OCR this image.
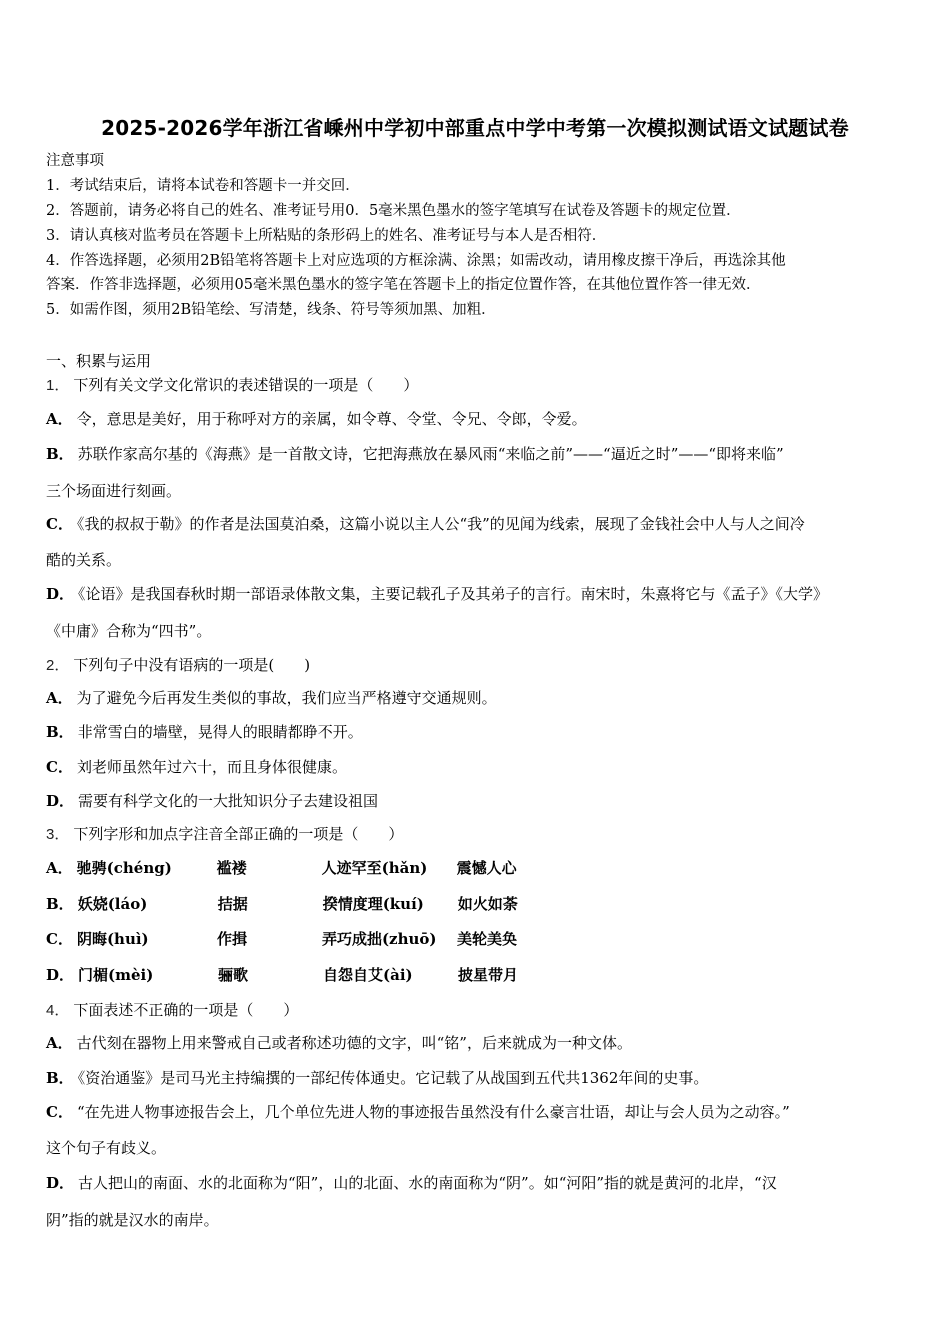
2025-2026学年浙江省嵊州中学初中部重点中学中考第一次模拟测试语文试题试卷
注意事项
1．考试结束后，请将本试卷和答题卡一并交回．
2．答题前，请务必将自己的姓名、准考证号用0．5毫米黑色墨水的签字笔填写在试卷及答题卡的规定位置．
3．请认真核对监考员在答题卡上所粘贴的条形码上的姓名、准考证号与本人是否相符．
4．作答选择题，必须用2B铅笔将答题卡上对应选项的方框涂满、涂黑；如需改动，请用橡皮擦干净后，再选涂其他
答案．作答非选择题，必须用05毫米黑色墨水的签字笔在答题卡上的指定位置作答，在其他位置作答一律无效．
5．如需作图，须用2B铅笔绘、写清楚，线条、符号等须加黑、加粗．
一、积累与运用
1． 下列有关文学文化常识的表述错误的一项是（　　）
A． 令，意思是美好，用于称呼对方的亲属，如令尊、令堂、令兄、令郎，令爱。
B． 苏联作家高尔基的《海燕》是一首散文诗，它把海燕放在暴风雨“来临之前”——“逼近之时”——“即将来临”
三个场面进行刻画。
C． 《我的叔叔于勒》的作者是法国莫泊桑，这篇小说以主人公“我”的见闻为线索，展现了金钱社会中人与人之间冷
酷的关系。
D． 《论语》是我国春秋时期一部语录体散文集，主要记载孔子及其弟子的言行。南宋时，朱熹将它与《孟子》《大学》
《中庸》合称为“四书”。
2． 下列句子中没有语病的一项是(　　)
A． 为了避免今后再发生类似的事故，我们应当严格遵守交通规则。
B． 非常雪白的墙壁，晃得人的眼睛都睁不开。
C． 刘老师虽然年过六十，而且身体很健康。
D． 需要有科学文化的一大批知识分子去建设祖国
3． 下列字形和加点字注音全部正确的一项是（　　）
A． 驰骋(chéng)	褴褛	人迹罕至(hǎn) 震憾人心
B． 妖娆(láo)	拮据	揆情度理(kuí) 如火如荼
C． 阴晦(huì)	作揖	弄巧成拙(zhuō) 美轮美奂
D． 门楣(mèi)	骊歌	自怨自艾(ài)	披星带月
4． 下面表述不正确的一项是（　　）
A． 古代刻在器物上用来警戒自己或者称述功德的文字，叫“铭”，后来就成为一种文体。
B． 《资治通鉴》是司马光主持编撰的一部纪传体通史。它记载了从战国到五代共1362年间的史事。
C． “在先进人物事迹报告会上，几个单位先进人物的事迹报告虽然没有什么豪言壮语，却让与会人员为之动容。”
这个句子有歧义。
D． 古人把山的南面、水的北面称为“阳”，山的北面、水的南面称为“阴”。如“河阳”指的就是黄河的北岸，“汉
阴”指的就是汉水的南岸。
